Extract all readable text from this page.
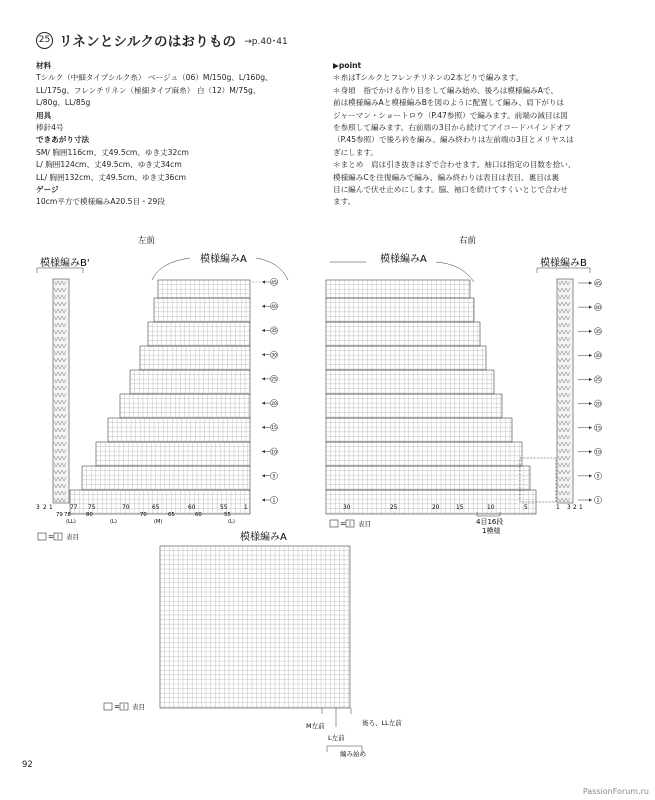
25 リネンとシルクのはおりもの →p.40･41
材料
Tシルク（中細タイプシルク糸） ベージュ（06）M/150g、L/160g、
LL/175g、フレンチリネン（極細タイプ麻糸） 白（12）M/75g、
L/80g、LL/85g
用具
棒針4号
できあがり寸法
SM/ 胸囲116cm、丈49.5cm、ゆき丈32cm
L/ 胸囲124cm、丈49.5cm、ゆき丈34cm
LL/ 胸囲132cm、丈49.5cm、ゆき丈36cm
ゲージ
10cm平方で模様編みA20.5目・29段
▶point
＊糸はTシルクとフレンチリネンの2本どりで編みます。
＊身頃　指でかける作り目をして編み始め、後ろは模様編みAで、
前は模様編みAと模様編みBを図のように配置して編み、肩下がりは
ジャーマン・ショートロウ（P.47参照）で編みます。前端の減目は図
を参照して編みます。右前端の3目から続けてアイコードバインドオフ
（P.45参照）で後ろ衿を編み、編み終わりは左前端の3目とメリヤスは
ぎにします。
＊まとめ　肩は引き抜きはぎで合わせます。袖口は指定の目数を拾い、
模様編みCを往復編みで編み、編み終わりは表目は表目、裏目は裏
目に編んで伏せ止めにします。脇、袖口を続けてすくいとじで合わせ
ます。
1
5
10
15
20
25
30
35
40
45
3 2 1	77 75	70	65	60	55	1
79 78	80	70	65	60	55
(LL)	(L)	(M)	(L)
左前
模様編みB'	模様編みA
1
5
10
15
20
25
30
35
40
45
30	25	20	15	10	5	1 3 2 1
右前
模様編みA	模様編みB
4目16段
1模様
= 表目
= 表目
模様編みA
= 表目
M左前
L左前
後ろ、LL左前
編み始め
92
PassionForum.ru
